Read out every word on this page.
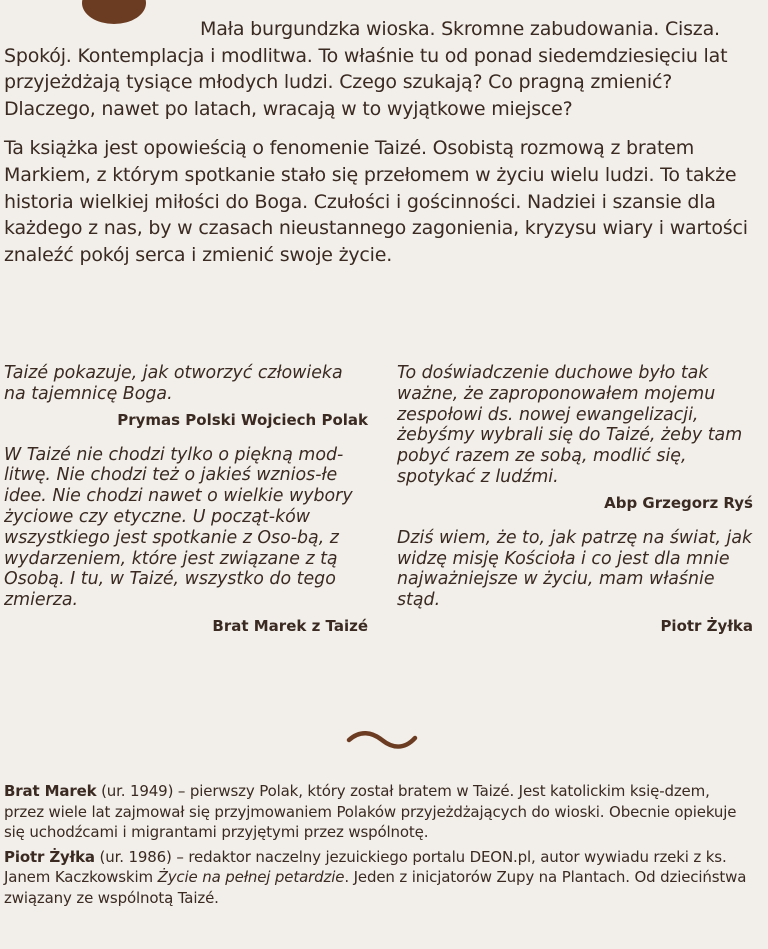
Mała burgundzka wioska. Skromne zabudowania. Cisza. Spokój. Kontemplacja i modlitwa. To właśnie tu od ponad siedemdziesięciu lat przyjeżdżają tysiące młodych ludzi. Czego szukają? Co pragną zmienić? Dlaczego, nawet po latach, wracają w to wyjątkowe miejsce?

Ta książka jest opowieścią o fenomenie Taizé. Osobistą rozmową z bratem Markiem, z którym spotkanie stało się przełomem w życiu wielu ludzi. To także historia wielkiej miłości do Boga. Czułości i gościnności. Nadziei i szansie dla każdego z nas, by w czasach nieustannego zagonienia, kryzysu wiary i wartości znaleźć pokój serca i zmienić swoje życie.

Taizé pokazuje, jak otworzyć człowieka na tajemnicę Boga.

Prymas Polski Wojciech Polak

W Taizé nie chodzi tylko o piękną mod-litwę. Nie chodzi też o jakieś wznios-łe idee. Nie chodzi nawet o wielkie wybory życiowe czy etyczne. U począt-ków wszystkiego jest spotkanie z Oso-bą, z wydarzeniem, które jest związane z tą Osobą. I tu, w Taizé, wszystko do tego zmierza.

Brat Marek z Taizé

To doświadczenie duchowe było tak ważne, że zaproponowałem mojemu zespołowi ds. nowej ewangelizacji, żebyśmy wybrali się do Taizé, żeby tam pobyć razem ze sobą, modlić się, spotykać z ludźmi.

Abp Grzegorz Ryś

Dziś wiem, że to, jak patrzę na świat, jak widzę misję Kościoła i co jest dla mnie najważniejsze w życiu, mam właśnie stąd.

Piotr Żyłka

Brat Marek (ur. 1949) – pierwszy Polak, który został bratem w Taizé. Jest katolickim księ-dzem, przez wiele lat zajmował się przyjmowaniem Polaków przyjeżdżających do wioski. Obecnie opiekuje się uchodźcami i migrantami przyjętymi przez wspólnotę.

Piotr Żyłka (ur. 1986) – redaktor naczelny jezuickiego portalu DEON.pl, autor wywiadu rzeki z ks. Janem Kaczkowskim Życie na pełnej petardzie. Jeden z inicjatorów Zupy na Plantach. Od dzieciństwa związany ze wspólnotą Taizé.
